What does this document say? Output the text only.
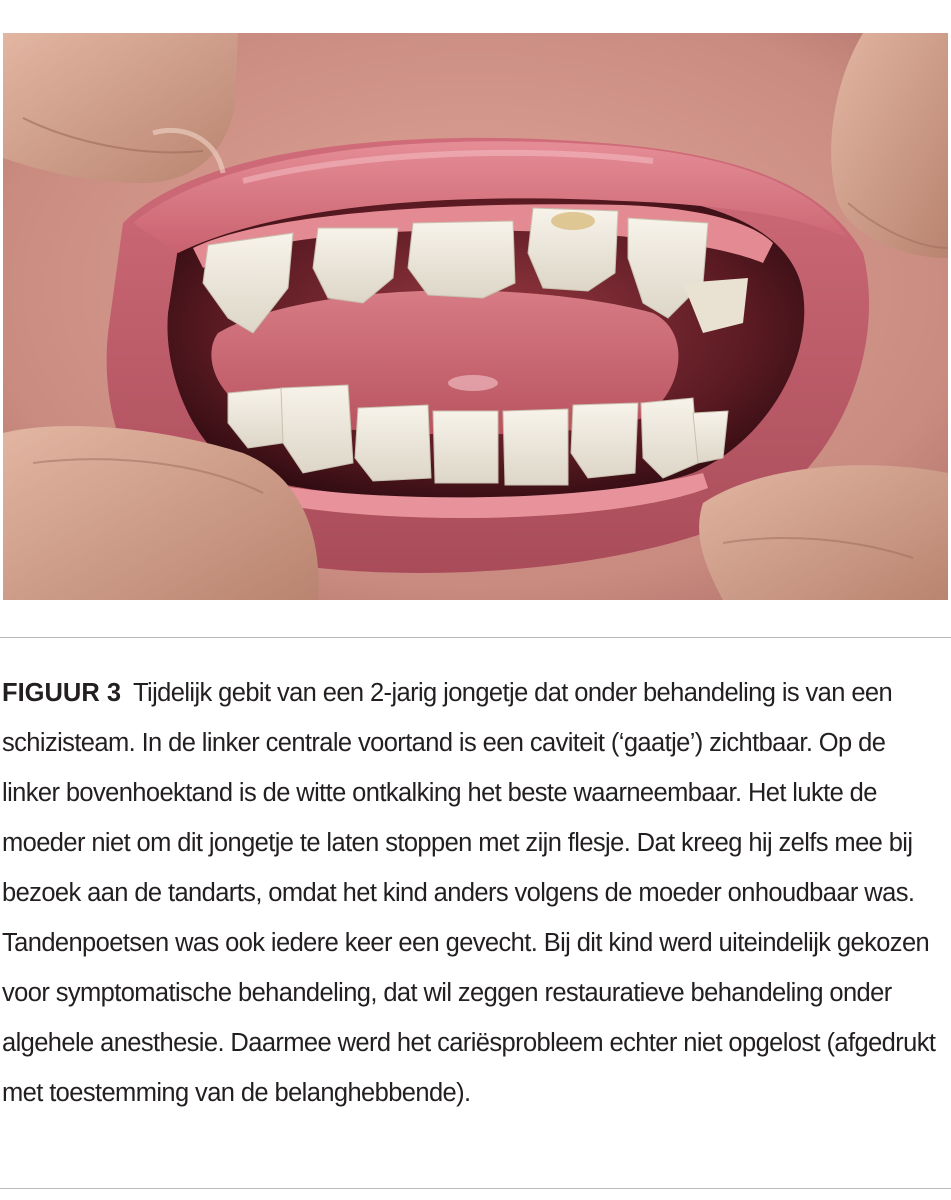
FIGUUR 3 Tijdelijk gebit van een 2-jarig jongetje dat onder behandeling is van een schizisteam. In de linker centrale voortand is een caviteit (‘gaatje’) zichtbaar. Op de linker bovenhoektand is de witte ontkalking het beste waarneembaar. Het lukte de moeder niet om dit jongetje te laten stoppen met zijn flesje. Dat kreeg hij zelfs mee bij bezoek aan de tandarts, omdat het kind anders volgens de moeder onhoudbaar was. Tandenpoetsen was ook iedere keer een gevecht. Bij dit kind werd uiteindelijk gekozen voor symptomatische behandeling, dat wil zeggen restauratieve behandeling onder algehele anesthesie. Daarmee werd het cariësprobleem echter niet opgelost (afgedrukt met toestemming van de belanghebbende).
